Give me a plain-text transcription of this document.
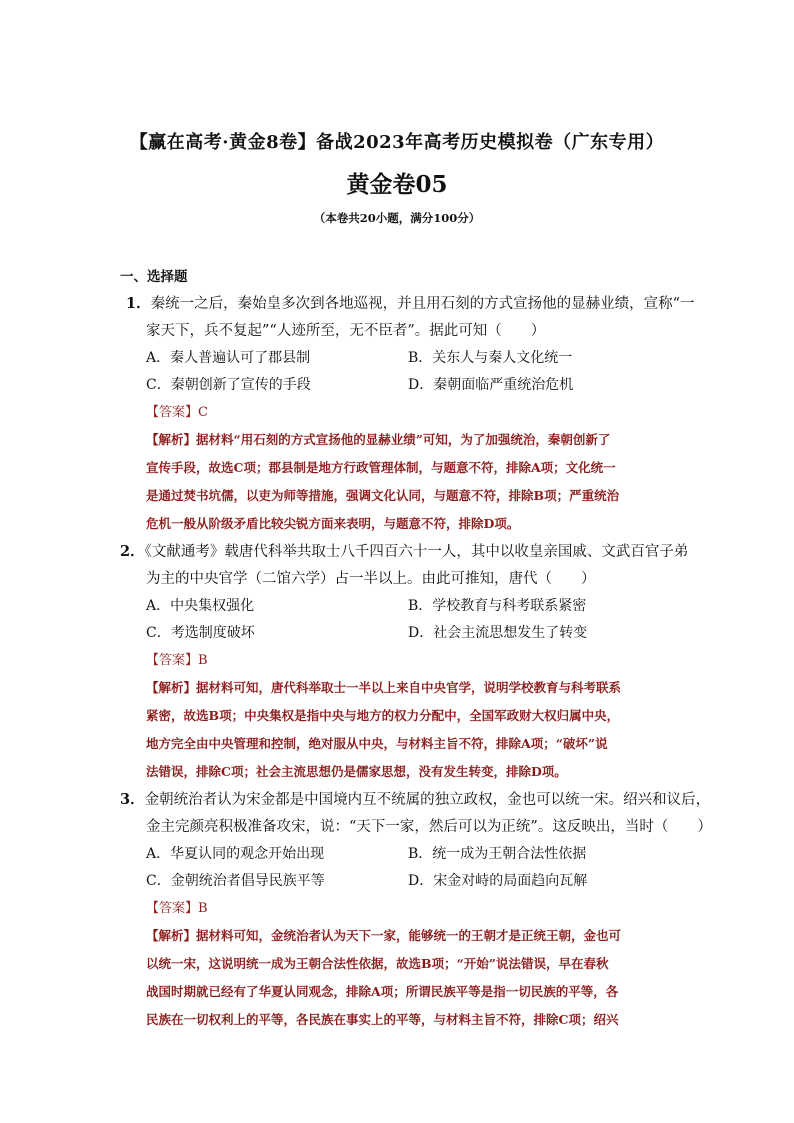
【赢在高考·黄金8卷】备战2023年高考历史模拟卷（广东专用）
黄金卷05
（本卷共20小题，满分100分）
一、选择题
1．秦统一之后，秦始皇多次到各地巡视，并且用石刻的方式宣扬他的显赫业绩，宣称“一
家天下，兵不复起”“人迹所至，无不臣者”。据此可知（　　）
A．秦人普遍认可了郡县制	B．关东人与秦人文化统一
C．秦朝创新了宣传的手段	D．秦朝面临严重统治危机
【答案】C
【解析】据材料“用石刻的方式宣扬他的显赫业绩”可知，为了加强统治，秦朝创新了
宣传手段，故选C项；郡县制是地方行政管理体制，与题意不符，排除A项；文化统一
是通过焚书坑儒，以吏为师等措施，强调文化认同，与题意不符，排除B项；严重统治
危机一般从阶级矛盾比较尖锐方面来表明，与题意不符，排除D项。
2．《文献通考》载唐代科举共取士八千四百六十一人，其中以收皇亲国戚、文武百官子弟
为主的中央官学（二馆六学）占一半以上。由此可推知，唐代（　　）
A．中央集权强化	B．学校教育与科考联系紧密
C．考选制度破坏	D．社会主流思想发生了转变
【答案】B
【解析】据材料可知，唐代科举取士一半以上来自中央官学，说明学校教育与科考联系
紧密，故选B项；中央集权是指中央与地方的权力分配中，全国军政财大权归属中央，
地方完全由中央管理和控制，绝对服从中央，与材料主旨不符，排除A项；“破坏”说
法错误，排除C项；社会主流思想仍是儒家思想，没有发生转变，排除D项。
3．金朝统治者认为宋金都是中国境内互不统属的独立政权，金也可以统一宋。绍兴和议后，
金主完颜亮积极准备攻宋，说：“天下一家，然后可以为正统”。这反映出，当时（　　）
A．华夏认同的观念开始出现	B．统一成为王朝合法性依据
C．金朝统治者倡导民族平等	D．宋金对峙的局面趋向瓦解
【答案】B
【解析】据材料可知，金统治者认为天下一家，能够统一的王朝才是正统王朝，金也可
以统一宋，这说明统一成为王朝合法性依据，故选B项；“开始”说法错误，早在春秋
战国时期就已经有了华夏认同观念，排除A项；所谓民族平等是指一切民族的平等，各
民族在一切权利上的平等，各民族在事实上的平等，与材料主旨不符，排除C项；绍兴
